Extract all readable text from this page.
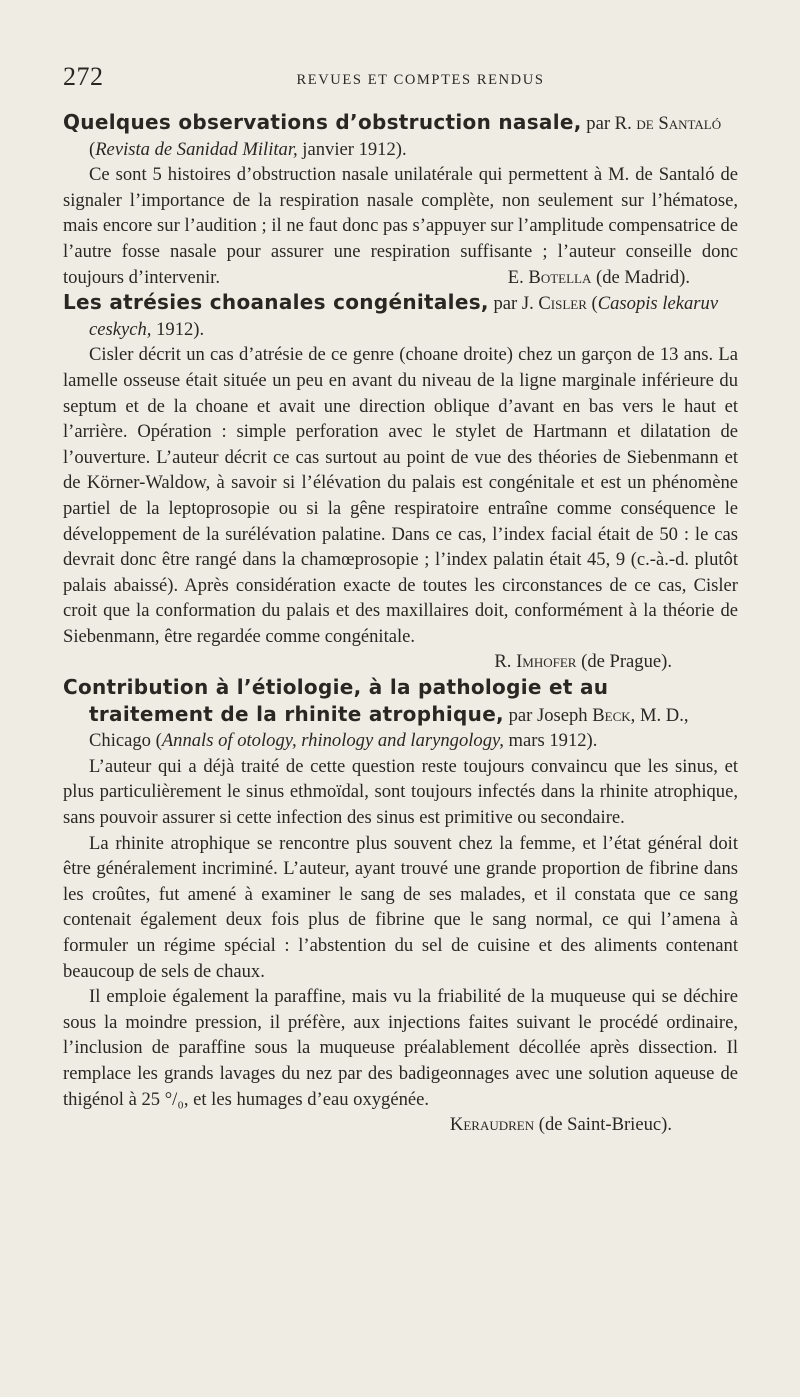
272	REVUES ET COMPTES RENDUS

Quelques observations d’obstruction nasale, par R. de Santaló (Revista de Sanidad Militar, janvier 1912).

Ce sont 5 histoires d’obstruction nasale unilatérale qui permettent à M. de Santaló de signaler l’importance de la respiration nasale complète, non seulement sur l’hématose, mais encore sur l’audition ; il ne faut donc pas s’appuyer sur l’amplitude compensatrice de l’autre fosse nasale pour assurer une respiration suffisante ; l’auteur conseille donc toujours d’intervenir.	E. Botella (de Madrid).

Les atrésies choanales congénitales, par J. Cisler (Casopis lekaruv ceskych, 1912).

Cisler décrit un cas d’atrésie de ce genre (choane droite) chez un garçon de 13 ans. La lamelle osseuse était située un peu en avant du niveau de la ligne marginale inférieure du septum et de la choane et avait une direction oblique d’avant en bas vers le haut et l’arrière. Opération : simple perforation avec le stylet de Hartmann et dilatation de l’ouverture. L’auteur décrit ce cas surtout au point de vue des théories de Siebenmann et de Körner-Waldow, à savoir si l’élévation du palais est congénitale et est un phénomène partiel de la leptoprosopie ou si la gêne respiratoire entraîne comme conséquence le développement de la surélévation palatine. Dans ce cas, l’index facial était de 50 : le cas devrait donc être rangé dans la chamœprosopie ; l’index palatin était 45, 9 (c.-à.-d. plutôt palais abaissé). Après considération exacte de toutes les circonstances de ce cas, Cisler croit que la conformation du palais et des maxillaires doit, conformément à la théorie de Siebenmann, être regardée comme congénitale.

R. Imhofer (de Prague).

Contribution à l’étiologie, à la pathologie et au traitement de la rhinite atrophique, par Joseph Beck, M. D., Chicago (Annals of otology, rhinology and laryngology, mars 1912).

L’auteur qui a déjà traité de cette question reste toujours convaincu que les sinus, et plus particulièrement le sinus ethmoïdal, sont toujours infectés dans la rhinite atrophique, sans pouvoir assurer si cette infection des sinus est primitive ou secondaire.

La rhinite atrophique se rencontre plus souvent chez la femme, et l’état général doit être généralement incriminé. L’auteur, ayant trouvé une grande proportion de fibrine dans les croûtes, fut amené à examiner le sang de ses malades, et il constata que ce sang contenait également deux fois plus de fibrine que le sang normal, ce qui l’amena à formuler un régime spécial : l’abstention du sel de cuisine et des aliments contenant beaucoup de sels de chaux.

Il emploie également la paraffine, mais vu la friabilité de la muqueuse qui se déchire sous la moindre pression, il préfère, aux injections faites suivant le procédé ordinaire, l’inclusion de paraffine sous la muqueuse préalablement décollée après dissection. Il remplace les grands lavages du nez par des badigeonnages avec une solution aqueuse de thigénol à 25 °/₀, et les humages d’eau oxygénée.

Keraudren (de Saint-Brieuc).
